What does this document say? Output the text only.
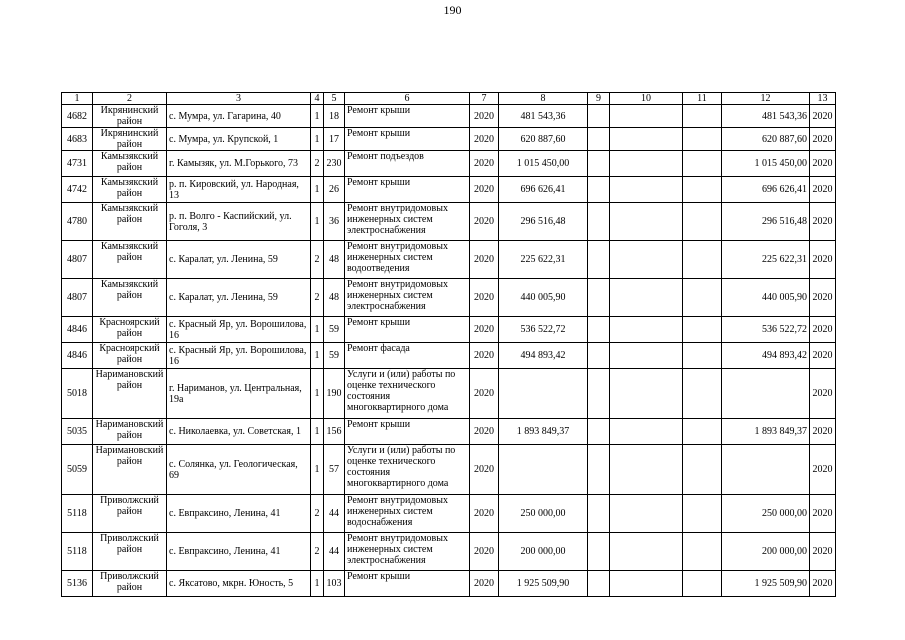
190
1	2	3	4	5	6	7	8	9	10	11	12	13
4682	Икрянинский район	с. Мумра, ул. Гагарина, 40	1	18	Ремонт крыши	2020	481 543,36				481 543,36	2020
4683	Икрянинский район	с. Мумра, ул. Крупской, 1	1	17	Ремонт крыши	2020	620 887,60				620 887,60	2020
4731	Камызякский район	г. Камызяк, ул. М.Горького, 73	2	230	Ремонт подъездов	2020	1 015 450,00				1 015 450,00	2020
4742	Камызякский район	р. п. Кировский, ул. Народная, 13	1	26	Ремонт крыши	2020	696 626,41				696 626,41	2020
4780	Камызякский район	р. п. Волго - Каспийский, ул. Гоголя, 3	1	36	Ремонт внутридомовых инженерных систем электроснабжения	2020	296 516,48				296 516,48	2020
4807	Камызякский район	с. Каралат, ул. Ленина, 59	2	48	Ремонт внутридомовых инженерных систем водоотведения	2020	225 622,31				225 622,31	2020
4807	Камызякский район	с. Каралат, ул. Ленина, 59	2	48	Ремонт внутридомовых инженерных систем электроснабжения	2020	440 005,90				440 005,90	2020
4846	Красноярский район	с. Красный Яр, ул. Ворошилова, 16	1	59	Ремонт крыши	2020	536 522,72				536 522,72	2020
4846	Красноярский район	с. Красный Яр, ул. Ворошилова, 16	1	59	Ремонт фасада	2020	494 893,42				494 893,42	2020
5018	Наримановский район	г. Нариманов, ул. Центральная, 19а	1	190	Услуги и (или) работы по оценке технического состояния многоквартирного дома	2020						2020
5035	Наримановский район	с. Николаевка, ул. Советская, 1	1	156	Ремонт крыши	2020	1 893 849,37				1 893 849,37	2020
5059	Наримановский район	с. Солянка, ул. Геологическая, 69	1	57	Услуги и (или) работы по оценке технического состояния многоквартирного дома	2020						2020
5118	Приволжский район	с. Евпраксино, Ленина, 41	2	44	Ремонт внутридомовых инженерных систем водоснабжения	2020	250 000,00				250 000,00	2020
5118	Приволжский район	с. Евпраксино, Ленина, 41	2	44	Ремонт внутридомовых инженерных систем электроснабжения	2020	200 000,00				200 000,00	2020
5136	Приволжский район	с. Яксатово, мкрн. Юность, 5	1	103	Ремонт крыши	2020	1 925 509,90				1 925 509,90	2020
